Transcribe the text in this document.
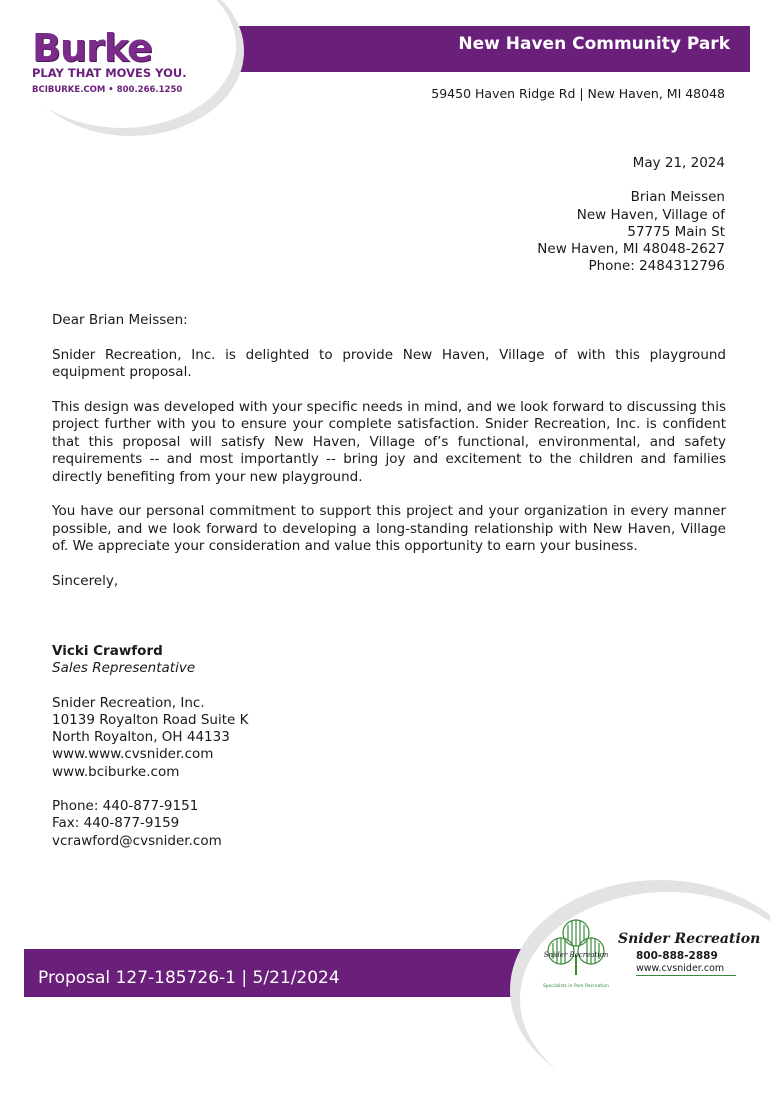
Burke
PLAY THAT MOVES YOU.
BCIBURKE.COM • 800.266.1250
New Haven Community Park
59450 Haven Ridge Rd | New Haven, MI 48048
May 21, 2024
Brian Meissen
New Haven, Village of
57775 Main St
New Haven, MI 48048-2627
Phone: 2484312796

Dear Brian Meissen:

Snider Recreation, Inc. is delighted to provide New Haven, Village of with this playground equipment proposal.

This design was developed with your specific needs in mind, and we look forward to discussing this project further with you to ensure your complete satisfaction. Snider Recreation, Inc. is confident that this proposal will satisfy New Haven, Village of’s functional, environmental, and safety requirements -- and most importantly -- bring joy and excitement to the children and families directly benefiting from your new playground.

You have our personal commitment to support this project and your organization in every manner possible, and we look forward to developing a long-standing relationship with New Haven, Village of. We appreciate your consideration and value this opportunity to earn your business.

Sincerely,

Vicki Crawford
Sales Representative
Snider Recreation, Inc.
10139 Royalton Road Suite K
North Royalton, OH 44133
www.www.cvsnider.com
www.bciburke.com
Phone: 440-877-9151
Fax: 440-877-9159
vcrawford@cvsnider.com
Proposal 127-185726-1 | 5/21/2024
Snider Recreation
Specialists in Park Recreation
Snider Recreation
800-888-2889
www.cvsnider.com
